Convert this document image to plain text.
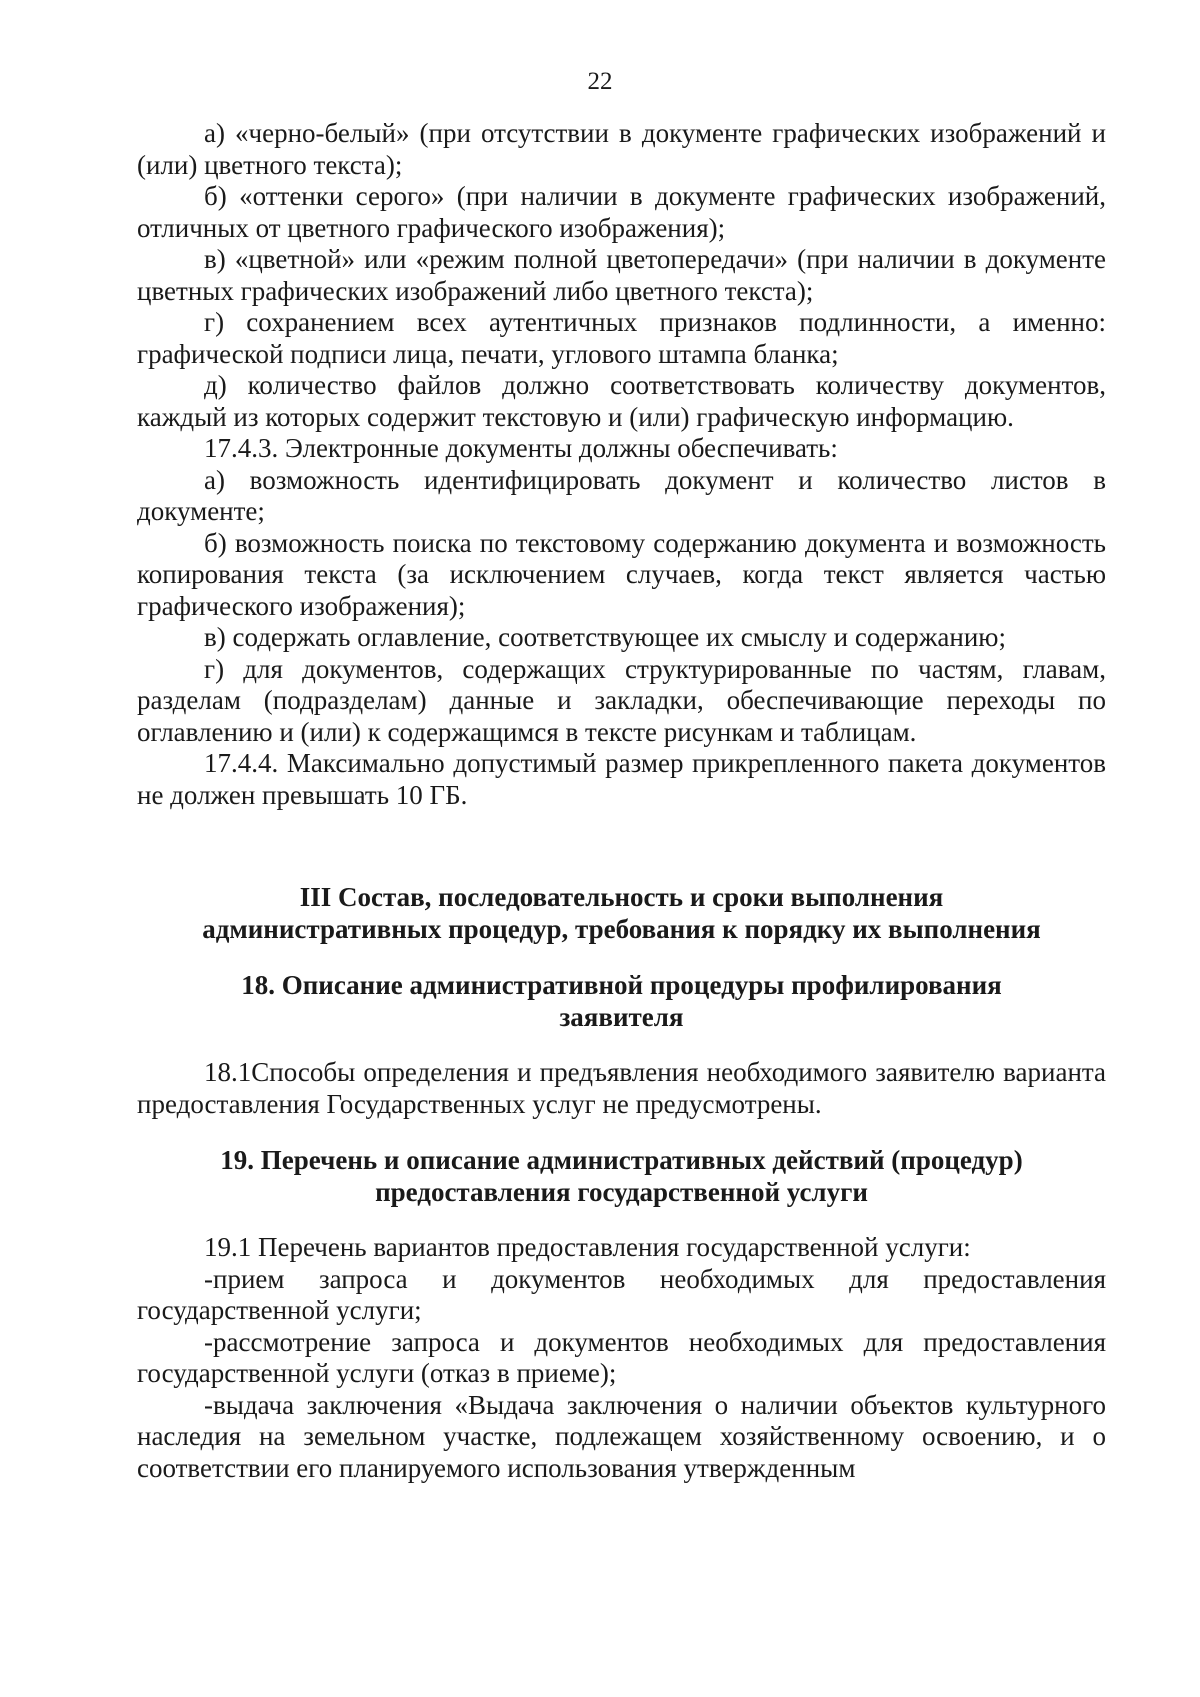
22

а) «черно-белый» (при отсутствии в документе графических изображений и (или) цветного текста);

б) «оттенки серого» (при наличии в документе графических изображений, отличных от цветного графического изображения);

в) «цветной» или «режим полной цветопередачи» (при наличии в документе цветных графических изображений либо цветного текста);

г) сохранением всех аутентичных признаков подлинности, а именно: графической подписи лица, печати, углового штампа бланка;

д) количество файлов должно соответствовать количеству документов, каждый из которых содержит текстовую и (или) графическую информацию.

17.4.3. Электронные документы должны обеспечивать:

а) возможность идентифицировать документ и количество листов в документе;

б) возможность поиска по текстовому содержанию документа и возможность копирования текста (за исключением случаев, когда текст является частью графического изображения);

в) содержать оглавление, соответствующее их смыслу и содержанию;

г) для документов, содержащих структурированные по частям, главам, разделам (подразделам) данные и закладки, обеспечивающие переходы по оглавлению и (или) к содержащимся в тексте рисункам и таблицам.

17.4.4. Максимально допустимый размер прикрепленного пакета документов не должен превышать 10 ГБ.

III Состав, последовательность и сроки выполнения

административных процедур, требования к порядку их выполнения

18. Описание административной процедуры профилирования

заявителя

18.1Способы определения и предъявления необходимого заявителю варианта предоставления Государственных услуг не предусмотрены.

19. Перечень и описание административных действий (процедур)

предоставления государственной услуги

19.1 Перечень вариантов предоставления государственной услуги:

-прием запроса и документов необходимых для предоставления государственной услуги;

-рассмотрение запроса и документов необходимых для предоставления государственной услуги (отказ в приеме);

-выдача заключения «Выдача заключения о наличии объектов культурного наследия на земельном участке, подлежащем хозяйственному освоению, и о соответствии его планируемого использования утвержденным
